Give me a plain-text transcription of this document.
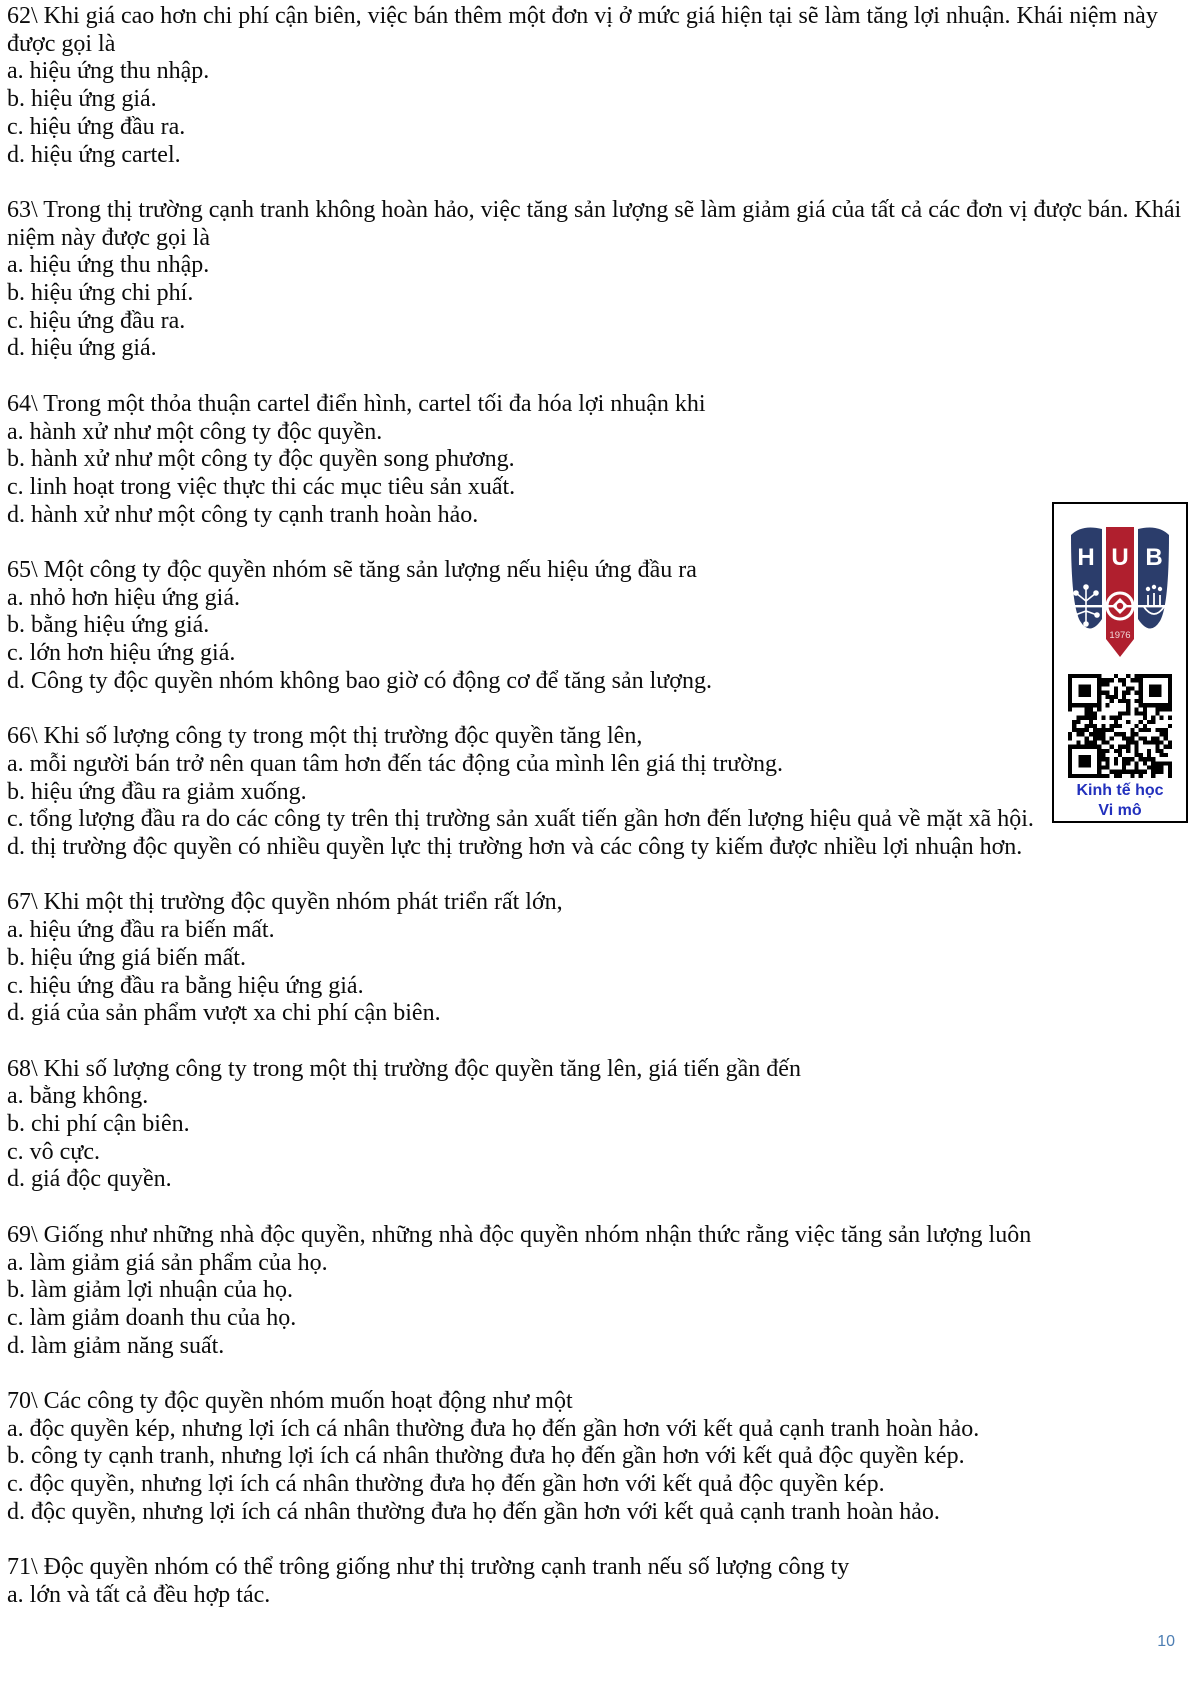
62\ Khi giá cao hơn chi phí cận biên, việc bán thêm một đơn vị ở mức giá hiện tại sẽ làm tăng lợi nhuận. Khái niệm này được gọi là
a. hiệu ứng thu nhập.
b. hiệu ứng giá.
c. hiệu ứng đầu ra.
d. hiệu ứng cartel.
63\ Trong thị trường cạnh tranh không hoàn hảo, việc tăng sản lượng sẽ làm giảm giá của tất cả các đơn vị được bán. Khái niệm này được gọi là
a. hiệu ứng thu nhập.
b. hiệu ứng chi phí.
c. hiệu ứng đầu ra.
d. hiệu ứng giá.
64\ Trong một thỏa thuận cartel điển hình, cartel tối đa hóa lợi nhuận khi
a. hành xử như một công ty độc quyền.
b. hành xử như một công ty độc quyền song phương.
c. linh hoạt trong việc thực thi các mục tiêu sản xuất.
d. hành xử như một công ty cạnh tranh hoàn hảo.
65\ Một công ty độc quyền nhóm sẽ tăng sản lượng nếu hiệu ứng đầu ra
a. nhỏ hơn hiệu ứng giá.
b. bằng hiệu ứng giá.
c. lớn hơn hiệu ứng giá.
d. Công ty độc quyền nhóm không bao giờ có động cơ để tăng sản lượng.
66\ Khi số lượng công ty trong một thị trường độc quyền tăng lên,
a. mỗi người bán trở nên quan tâm hơn đến tác động của mình lên giá thị trường.
b. hiệu ứng đầu ra giảm xuống.
c. tổng lượng đầu ra do các công ty trên thị trường sản xuất tiến gần hơn đến lượng hiệu quả về mặt xã hội.
d. thị trường độc quyền có nhiều quyền lực thị trường hơn và các công ty kiếm được nhiều lợi nhuận hơn.
67\ Khi một thị trường độc quyền nhóm phát triển rất lớn,
a. hiệu ứng đầu ra biến mất.
b. hiệu ứng giá biến mất.
c. hiệu ứng đầu ra bằng hiệu ứng giá.
d. giá của sản phẩm vượt xa chi phí cận biên.
68\ Khi số lượng công ty trong một thị trường độc quyền tăng lên, giá tiến gần đến
a. bằng không.
b. chi phí cận biên.
c. vô cực.
d. giá độc quyền.
69\ Giống như những nhà độc quyền, những nhà độc quyền nhóm nhận thức rằng việc tăng sản lượng luôn
a. làm giảm giá sản phẩm của họ.
b. làm giảm lợi nhuận của họ.
c. làm giảm doanh thu của họ.
d. làm giảm năng suất.
70\ Các công ty độc quyền nhóm muốn hoạt động như một
a. độc quyền kép, nhưng lợi ích cá nhân thường đưa họ đến gần hơn với kết quả cạnh tranh hoàn hảo.
b. công ty cạnh tranh, nhưng lợi ích cá nhân thường đưa họ đến gần hơn với kết quả độc quyền kép.
c. độc quyền, nhưng lợi ích cá nhân thường đưa họ đến gần hơn với kết quả độc quyền kép.
d. độc quyền, nhưng lợi ích cá nhân thường đưa họ đến gần hơn với kết quả cạnh tranh hoàn hảo.
71\ Độc quyền nhóm có thể trông giống như thị trường cạnh tranh nếu số lượng công ty
a. lớn và tất cả đều hợp tác.
H U B
1976
Kinh tế học
Vi mô
10
